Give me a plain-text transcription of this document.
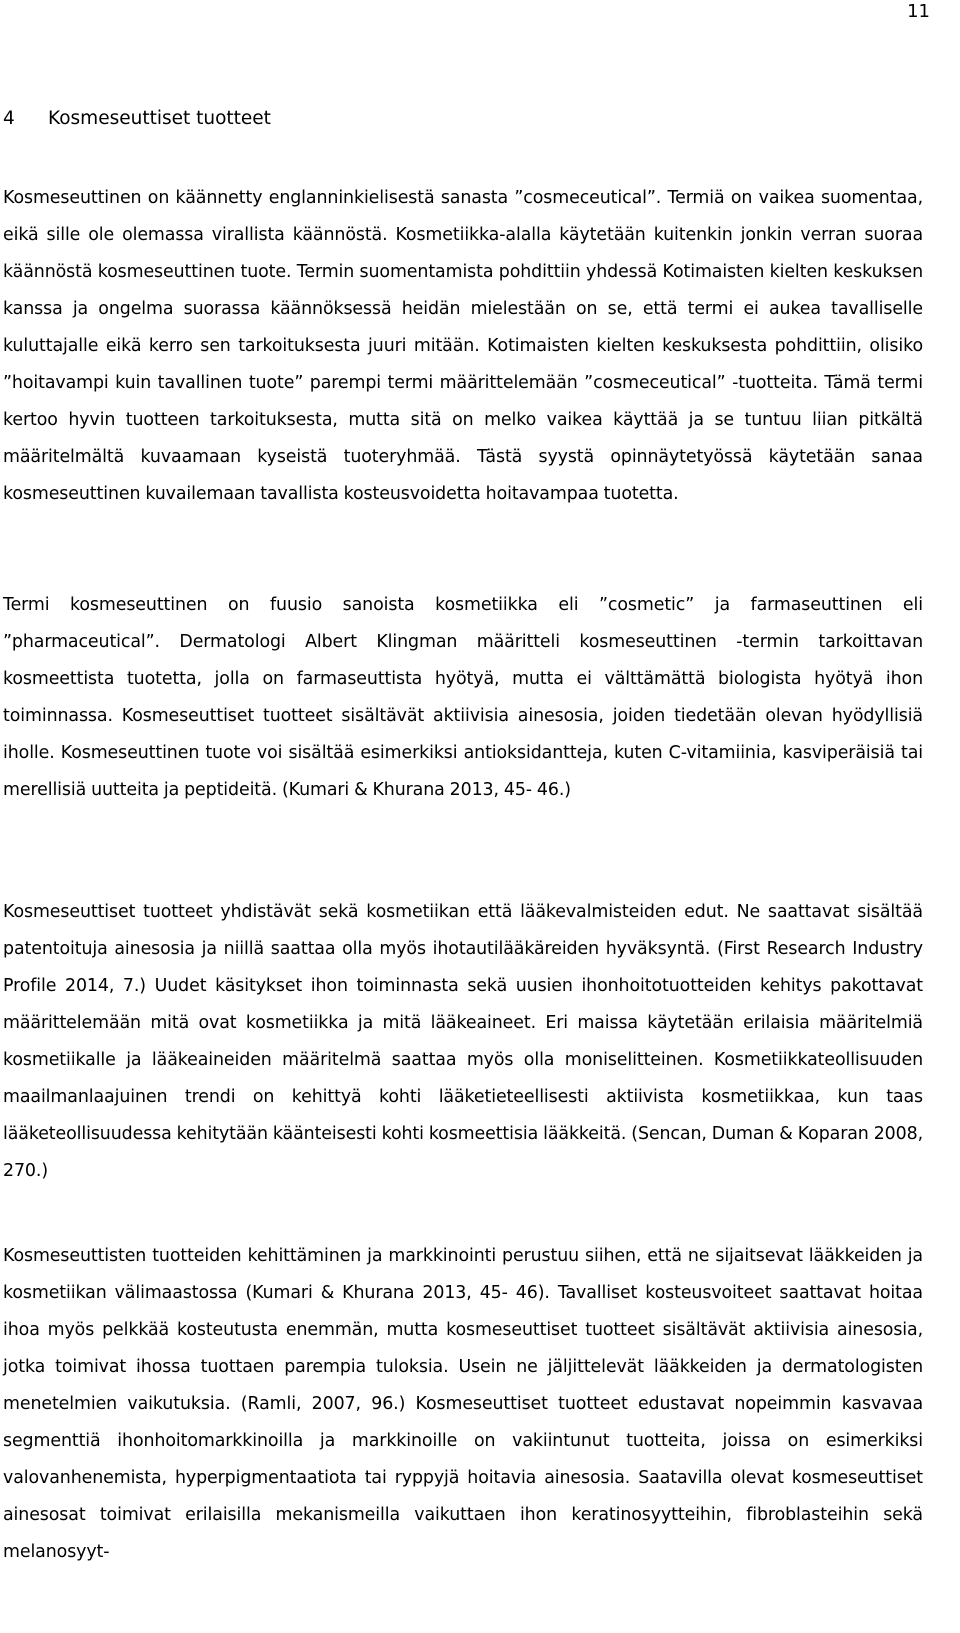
11
4 Kosmeseuttiset tuotteet

Kosmeseuttinen on käännetty englanninkielisestä sanasta ”cosmeceutical”. Termiä on vaikea suomentaa, eikä sille ole olemassa virallista käännöstä. Kosmetiikka-alalla käytetään kuitenkin jonkin verran suoraa käännöstä kosmeseuttinen tuote. Termin suomentamista pohdittiin yhdessä Kotimaisten kielten keskuksen kanssa ja ongelma suorassa käännöksessä heidän mielestään on se, että termi ei aukea tavalliselle kuluttajalle eikä kerro sen tarkoituksesta juuri mitään. Kotimaisten kielten keskuksesta pohdittiin, olisiko ”hoitavampi kuin tavallinen tuote” parempi termi määrittelemään ”cosmeceutical” -tuotteita. Tämä termi kertoo hyvin tuotteen tarkoituksesta, mutta sitä on melko vaikea käyttää ja se tuntuu liian pitkältä määritelmältä kuvaamaan kyseistä tuoteryhmää. Tästä syystä opinnäytetyössä käytetään sanaa kosmeseuttinen kuvailemaan tavallista kosteusvoidetta hoitavampaa tuotetta.

Termi kosmeseuttinen on fuusio sanoista kosmetiikka eli ”cosmetic” ja farmaseuttinen eli ”pharmaceutical”. Dermatologi Albert Klingman määritteli kosmeseuttinen -termin tarkoittavan kosmeettista tuotetta, jolla on farmaseuttista hyötyä, mutta ei välttämättä biologista hyötyä ihon toiminnassa. Kosmeseuttiset tuotteet sisältävät aktiivisia ainesosia, joiden tiedetään olevan hyödyllisiä iholle. Kosmeseuttinen tuote voi sisältää esimerkiksi antioksidantteja, kuten C-vitamiinia, kasviperäisiä tai merellisiä uutteita ja peptideitä. (Kumari & Khurana 2013, 45- 46.)

Kosmeseuttiset tuotteet yhdistävät sekä kosmetiikan että lääkevalmisteiden edut. Ne saattavat sisältää patentoituja ainesosia ja niillä saattaa olla myös ihotautilääkäreiden hyväksyntä. (First Research Industry Profile 2014, 7.) Uudet käsitykset ihon toiminnasta sekä uusien ihonhoitotuotteiden kehitys pakottavat määrittelemään mitä ovat kosmetiikka ja mitä lääkeaineet. Eri maissa käytetään erilaisia määritelmiä kosmetiikalle ja lääkeaineiden määritelmä saattaa myös olla moniselitteinen. Kosmetiikkateollisuuden maailmanlaajuinen trendi on kehittyä kohti lääketieteellisesti aktiivista kosmetiikkaa, kun taas lääketeollisuudessa kehitytään käänteisesti kohti kosmeettisia lääkkeitä. (Sencan, Duman & Koparan 2008, 270.)

Kosmeseuttisten tuotteiden kehittäminen ja markkinointi perustuu siihen, että ne sijaitsevat lääkkeiden ja kosmetiikan välimaastossa (Kumari & Khurana 2013, 45- 46). Tavalliset kosteusvoiteet saattavat hoitaa ihoa myös pelkkää kosteutusta enemmän, mutta kosmeseuttiset tuotteet sisältävät aktiivisia ainesosia, jotka toimivat ihossa tuottaen parempia tuloksia. Usein ne jäljittelevät lääkkeiden ja dermatologisten menetelmien vaikutuksia. (Ramli, 2007, 96.) Kosmeseuttiset tuotteet edustavat nopeimmin kasvavaa segmenttiä ihonhoitomarkkinoilla ja markkinoille on vakiintunut tuotteita, joissa on esimerkiksi valovanhenemista, hyperpigmentaatiota tai ryppyjä hoitavia ainesosia. Saatavilla olevat kosmeseuttiset ainesosat toimivat erilaisilla mekanismeilla vaikuttaen ihon keratinosyytteihin, fibroblasteihin sekä melanosyyt-
